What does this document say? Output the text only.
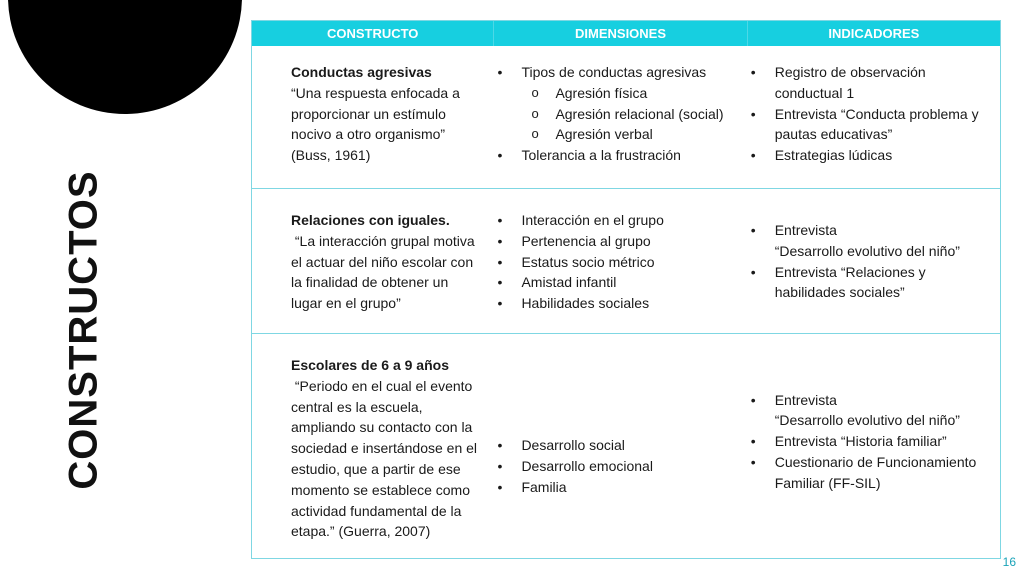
CONSTRUCTOS
CONSTRUCTO	DIMENSIONES	INDICADORES
Conductas agresivas
“Una respuesta enfocada a
proporcionar un estímulo
nocivo a otro organismo”
(Buss, 1961)
• Tipos de conductas agresivas
o Agresión física
o Agresión relacional (social)
o Agresión verbal
• Tolerancia a la frustración
• Registro de observación
conductual 1
• Entrevista “Conducta problema y
pautas educativas”
• Estrategias lúdicas
Relaciones con iguales.
“La interacción grupal motiva
el actuar del niño escolar con
la finalidad de obtener un
lugar en el grupo”
• Interacción en el grupo
• Pertenencia al grupo
• Estatus socio métrico
• Amistad infantil
• Habilidades sociales
• Entrevista
“Desarrollo evolutivo del niño”
• Entrevista “Relaciones y
habilidades sociales”
Escolares de 6 a 9 años
“Periodo en el cual el evento
central es la escuela,
ampliando su contacto con la
sociedad e insertándose en el
estudio, que a partir de ese
momento se establece como
actividad fundamental de la
etapa.” (Guerra, 2007)
• Desarrollo social
• Desarrollo emocional
• Familia
• Entrevista
“Desarrollo evolutivo del niño”
• Entrevista “Historia familiar”
• Cuestionario de Funcionamiento
Familiar (FF-SIL)
16
